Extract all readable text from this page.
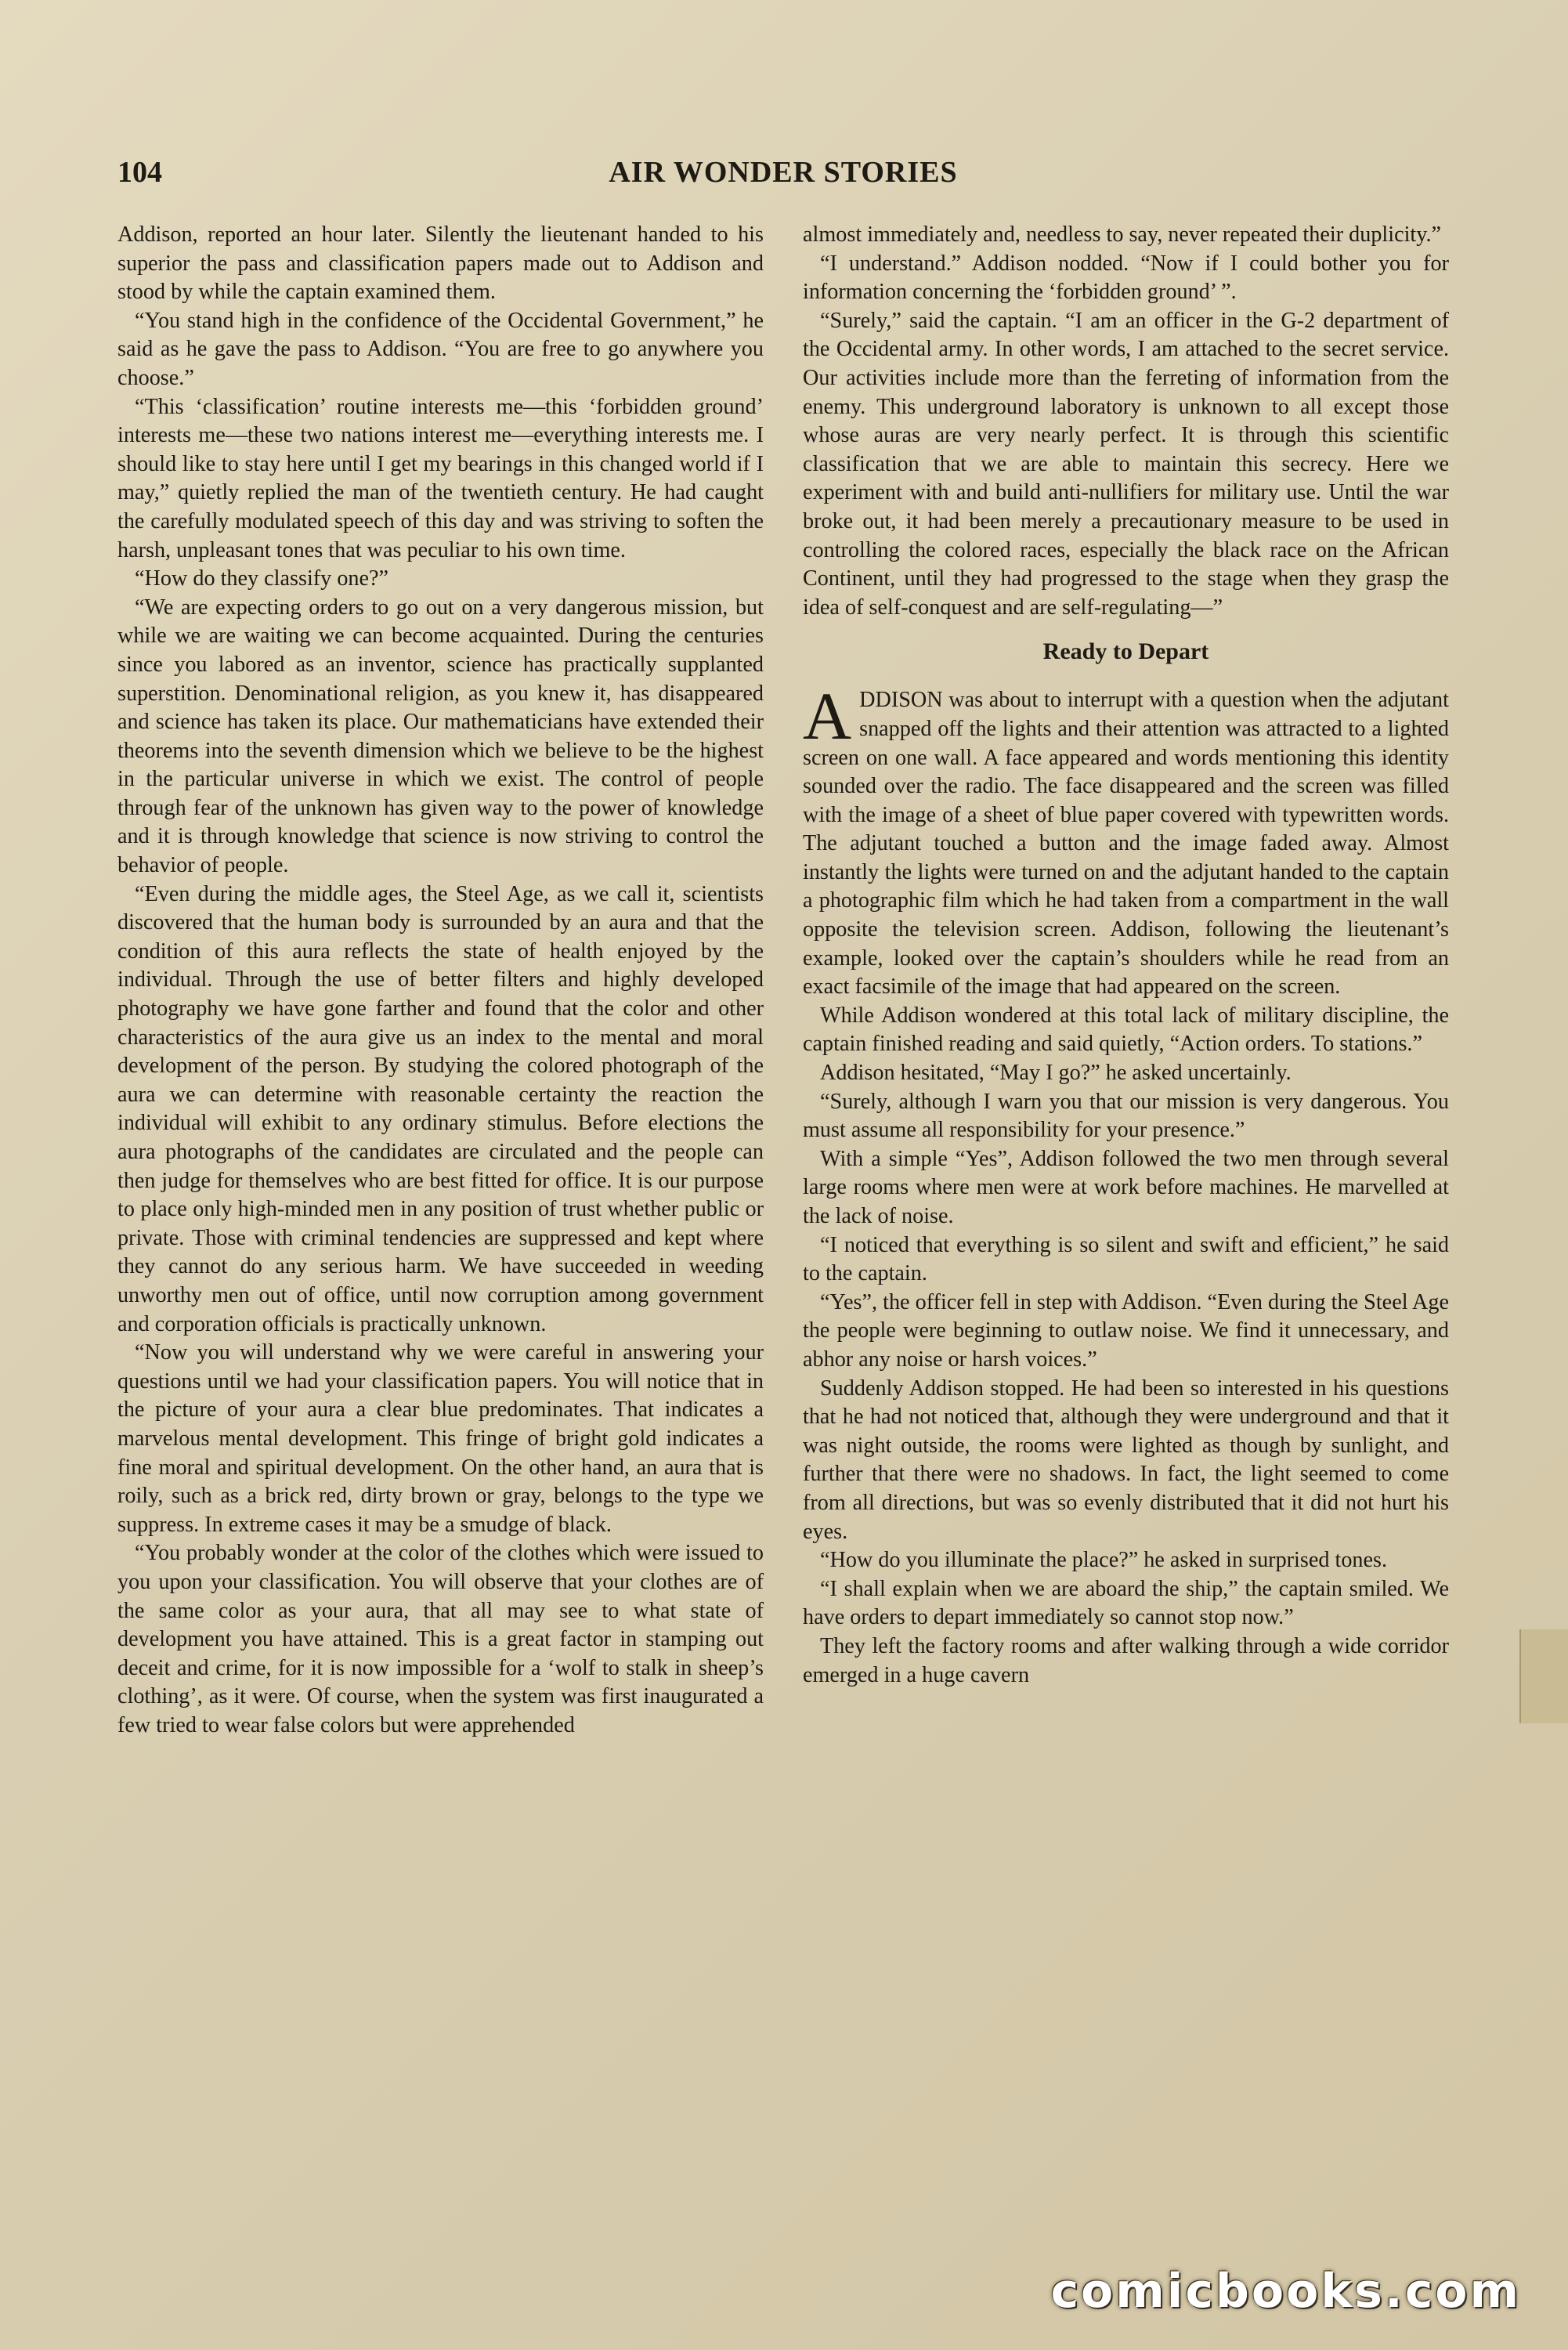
104	AIR WONDER STORIES

Addison, reported an hour later. Silently the lieutenant handed to his superior the pass and classification papers made out to Addison and stood by while the captain examined them.

“You stand high in the confidence of the Occidental Government,” he said as he gave the pass to Addison. “You are free to go anywhere you choose.”

“This ‘classification’ routine interests me—this ‘forbidden ground’ interests me—these two nations interest me—everything interests me. I should like to stay here until I get my bearings in this changed world if I may,” quietly replied the man of the twentieth century. He had caught the carefully modulated speech of this day and was striving to soften the harsh, unpleasant tones that was peculiar to his own time.

“How do they classify one?”

“We are expecting orders to go out on a very dangerous mission, but while we are waiting we can become acquainted. During the centuries since you labored as an inventor, science has practically supplanted superstition. Denominational religion, as you knew it, has disappeared and science has taken its place. Our mathematicians have extended their theorems into the seventh dimension which we believe to be the highest in the particular universe in which we exist. The control of people through fear of the unknown has given way to the power of knowledge and it is through knowledge that science is now striving to control the behavior of people.

“Even during the middle ages, the Steel Age, as we call it, scientists discovered that the human body is surrounded by an aura and that the condition of this aura reflects the state of health enjoyed by the individual. Through the use of better filters and highly developed photography we have gone farther and found that the color and other characteristics of the aura give us an index to the mental and moral development of the person. By studying the colored photograph of the aura we can determine with reasonable certainty the reaction the individual will exhibit to any ordinary stimulus. Before elections the aura photographs of the candidates are circulated and the people can then judge for themselves who are best fitted for office. It is our purpose to place only high-minded men in any position of trust whether public or private. Those with criminal tendencies are suppressed and kept where they cannot do any serious harm. We have succeeded in weeding unworthy men out of office, until now corruption among government and corporation officials is practically unknown.

“Now you will understand why we were careful in answering your questions until we had your classification papers. You will notice that in the picture of your aura a clear blue predominates. That indicates a marvelous mental development. This fringe of bright gold indicates a fine moral and spiritual development. On the other hand, an aura that is roily, such as a brick red, dirty brown or gray, belongs to the type we suppress. In extreme cases it may be a smudge of black.

“You probably wonder at the color of the clothes which were issued to you upon your classification. You will observe that your clothes are of the same color as your aura, that all may see to what state of development you have attained. This is a great factor in stamping out deceit and crime, for it is now impossible for a ‘wolf to stalk in sheep’s clothing’, as it were. Of course, when the system was first inaugurated a few tried to wear false colors but were apprehended

almost immediately and, needless to say, never repeated their duplicity.”

“I understand.” Addison nodded. “Now if I could bother you for information concerning the ‘forbidden ground’ ”.

“Surely,” said the captain. “I am an officer in the G-2 department of the Occidental army. In other words, I am attached to the secret service. Our activities include more than the ferreting of information from the enemy. This underground laboratory is unknown to all except those whose auras are very nearly perfect. It is through this scientific classification that we are able to maintain this secrecy. Here we experiment with and build anti-nullifiers for military use. Until the war broke out, it had been merely a precautionary measure to be used in controlling the colored races, especially the black race on the African Continent, until they had progressed to the stage when they grasp the idea of self-conquest and are self-regulating—”

Ready to Depart

ADDISON was about to interrupt with a question when the adjutant snapped off the lights and their attention was attracted to a lighted screen on one wall. A face appeared and words mentioning this identity sounded over the radio. The face disappeared and the screen was filled with the image of a sheet of blue paper covered with typewritten words. The adjutant touched a button and the image faded away. Almost instantly the lights were turned on and the adjutant handed to the captain a photographic film which he had taken from a compartment in the wall opposite the television screen. Addison, following the lieutenant’s example, looked over the captain’s shoulders while he read from an exact facsimile of the image that had appeared on the screen.

While Addison wondered at this total lack of military discipline, the captain finished reading and said quietly, “Action orders. To stations.”

Addison hesitated, “May I go?” he asked uncertainly.

“Surely, although I warn you that our mission is very dangerous. You must assume all responsibility for your presence.”

With a simple “Yes”, Addison followed the two men through several large rooms where men were at work before machines. He marvelled at the lack of noise.

“I noticed that everything is so silent and swift and efficient,” he said to the captain.

“Yes”, the officer fell in step with Addison. “Even during the Steel Age the people were beginning to outlaw noise. We find it unnecessary, and abhor any noise or harsh voices.”

Suddenly Addison stopped. He had been so interested in his questions that he had not noticed that, although they were underground and that it was night outside, the rooms were lighted as though by sunlight, and further that there were no shadows. In fact, the light seemed to come from all directions, but was so evenly distributed that it did not hurt his eyes.

“How do you illuminate the place?” he asked in surprised tones.

“I shall explain when we are aboard the ship,” the captain smiled. We have orders to depart immediately so cannot stop now.”

They left the factory rooms and after walking through a wide corridor emerged in a huge cavern

comicbooks.com
